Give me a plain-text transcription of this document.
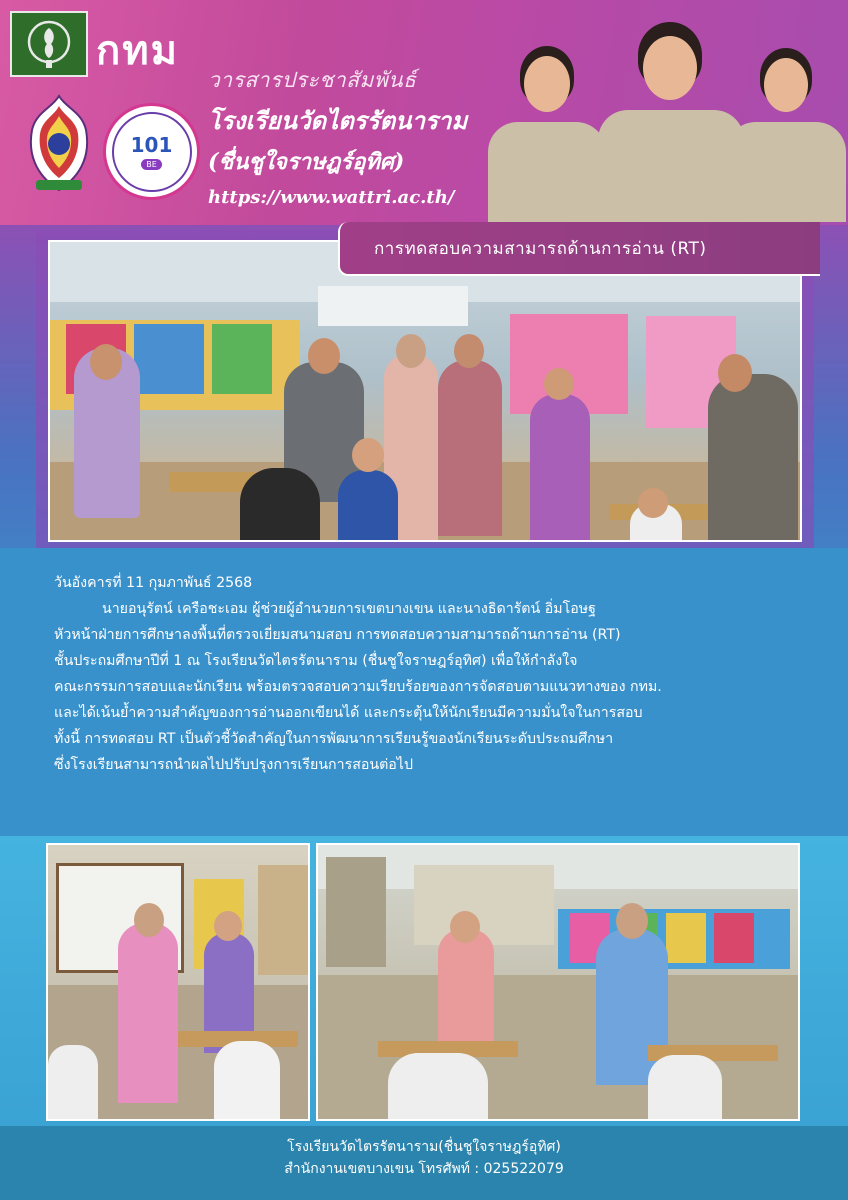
กทม
101
BE
วารสารประชาสัมพันธ์
โรงเรียนวัดไตรรัตนาราม
(ชื่นชูใจราษฎร์อุทิศ)
https://www.wattri.ac.th/
การทดสอบความสามารถด้านการอ่าน (RT)

วันอังคารที่ 11 กุมภาพันธ์ 2568

นายอนุรัตน์ เครือชะเอม ผู้ช่วยผู้อำนวยการเขตบางเขน และนางธิดารัตน์ อิ่มโอษฐ

หัวหน้าฝ่ายการศึกษาลงพื้นที่ตรวจเยี่ยมสนามสอบ การทดสอบความสามารถด้านการอ่าน (RT)

ชั้นประถมศึกษาปีที่ 1 ณ โรงเรียนวัดไตรรัตนาราม (ชื่นชูใจราษฎร์อุทิศ) เพื่อให้กำลังใจ

คณะกรรมการสอบและนักเรียน พร้อมตรวจสอบความเรียบร้อยของการจัดสอบตามแนวทางของ กทม.

และได้เน้นย้ำความสำคัญของการอ่านออกเขียนได้ และกระตุ้นให้นักเรียนมีความมั่นใจในการสอบ

ทั้งนี้ การทดสอบ RT เป็นตัวชี้วัดสำคัญในการพัฒนาการเรียนรู้ของนักเรียนระดับประถมศึกษา

ซึ่งโรงเรียนสามารถนำผลไปปรับปรุงการเรียนการสอนต่อไป

โรงเรียนวัดไตรรัตนาราม(ชื่นชูใจราษฎร์อุทิศ)
สำนักงานเขตบางเขน โทรศัพท์ : 025522079
